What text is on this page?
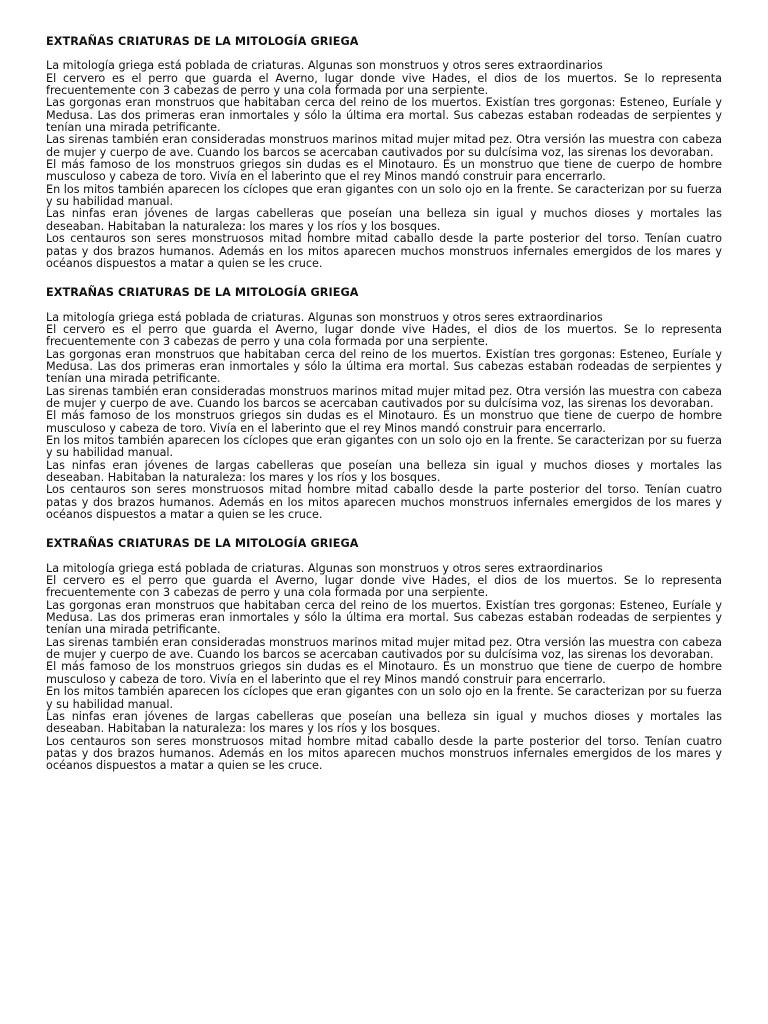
EXTRAÑAS CRIATURAS DE LA MITOLOGÍA GRIEGA

La mitología griega está poblada de criaturas. Algunas son monstruos y otros seres extraordinarios

El cervero es el perro que guarda el Averno, lugar donde vive Hades, el dios de los muertos. Se lo representa frecuentemente con 3 cabezas de perro y una cola formada por una serpiente.

Las gorgonas eran monstruos que habitaban cerca del reino de los muertos. Existían tres gorgonas: Esteneo, Euríale y Medusa. Las dos primeras eran inmortales y sólo la última era mortal. Sus cabezas estaban rodeadas de serpientes y tenían una mirada petrificante.

Las sirenas también eran consideradas monstruos marinos mitad mujer mitad pez. Otra versión las muestra con cabeza de mujer y cuerpo de ave. Cuando los barcos se acercaban cautivados por su dulcísima voz, las sirenas los devoraban.

El más famoso de los monstruos griegos sin dudas es el Minotauro. Es un monstruo que tiene de cuerpo de hombre musculoso y cabeza de toro. Vivía en el laberinto que el rey Minos mandó construir para encerrarlo.

En los mitos también aparecen los cíclopes que eran gigantes con un solo ojo en la frente. Se caracterizan por su fuerza y su habilidad manual.

Las ninfas eran jóvenes de largas cabelleras que poseían una belleza sin igual y muchos dioses y mortales las deseaban. Habitaban la naturaleza: los mares y los ríos y los bosques.

Los centauros son seres monstruosos mitad hombre mitad caballo desde la parte posterior del torso. Tenían cuatro patas y dos brazos humanos. Además en los mitos aparecen muchos monstruos infernales emergidos de los mares y océanos dispuestos a matar a quien se les cruce.

EXTRAÑAS CRIATURAS DE LA MITOLOGÍA GRIEGA

La mitología griega está poblada de criaturas. Algunas son monstruos y otros seres extraordinarios

El cervero es el perro que guarda el Averno, lugar donde vive Hades, el dios de los muertos. Se lo representa frecuentemente con 3 cabezas de perro y una cola formada por una serpiente.

Las gorgonas eran monstruos que habitaban cerca del reino de los muertos. Existían tres gorgonas: Esteneo, Euríale y Medusa. Las dos primeras eran inmortales y sólo la última era mortal. Sus cabezas estaban rodeadas de serpientes y tenían una mirada petrificante.

Las sirenas también eran consideradas monstruos marinos mitad mujer mitad pez. Otra versión las muestra con cabeza de mujer y cuerpo de ave. Cuando los barcos se acercaban cautivados por su dulcísima voz, las sirenas los devoraban.

El más famoso de los monstruos griegos sin dudas es el Minotauro. Es un monstruo que tiene de cuerpo de hombre musculoso y cabeza de toro. Vivía en el laberinto que el rey Minos mandó construir para encerrarlo.

En los mitos también aparecen los cíclopes que eran gigantes con un solo ojo en la frente. Se caracterizan por su fuerza y su habilidad manual.

Las ninfas eran jóvenes de largas cabelleras que poseían una belleza sin igual y muchos dioses y mortales las deseaban. Habitaban la naturaleza: los mares y los ríos y los bosques.

Los centauros son seres monstruosos mitad hombre mitad caballo desde la parte posterior del torso. Tenían cuatro patas y dos brazos humanos. Además en los mitos aparecen muchos monstruos infernales emergidos de los mares y océanos dispuestos a matar a quien se les cruce.

EXTRAÑAS CRIATURAS DE LA MITOLOGÍA GRIEGA

La mitología griega está poblada de criaturas. Algunas son monstruos y otros seres extraordinarios

El cervero es el perro que guarda el Averno, lugar donde vive Hades, el dios de los muertos. Se lo representa frecuentemente con 3 cabezas de perro y una cola formada por una serpiente.

Las gorgonas eran monstruos que habitaban cerca del reino de los muertos. Existían tres gorgonas: Esteneo, Euríale y Medusa. Las dos primeras eran inmortales y sólo la última era mortal. Sus cabezas estaban rodeadas de serpientes y tenían una mirada petrificante.

Las sirenas también eran consideradas monstruos marinos mitad mujer mitad pez. Otra versión las muestra con cabeza de mujer y cuerpo de ave. Cuando los barcos se acercaban cautivados por su dulcísima voz, las sirenas los devoraban.

El más famoso de los monstruos griegos sin dudas es el Minotauro. Es un monstruo que tiene de cuerpo de hombre musculoso y cabeza de toro. Vivía en el laberinto que el rey Minos mandó construir para encerrarlo.

En los mitos también aparecen los cíclopes que eran gigantes con un solo ojo en la frente. Se caracterizan por su fuerza y su habilidad manual.

Las ninfas eran jóvenes de largas cabelleras que poseían una belleza sin igual y muchos dioses y mortales las deseaban. Habitaban la naturaleza: los mares y los ríos y los bosques.

Los centauros son seres monstruosos mitad hombre mitad caballo desde la parte posterior del torso. Tenían cuatro patas y dos brazos humanos. Además en los mitos aparecen muchos monstruos infernales emergidos de los mares y océanos dispuestos a matar a quien se les cruce.
